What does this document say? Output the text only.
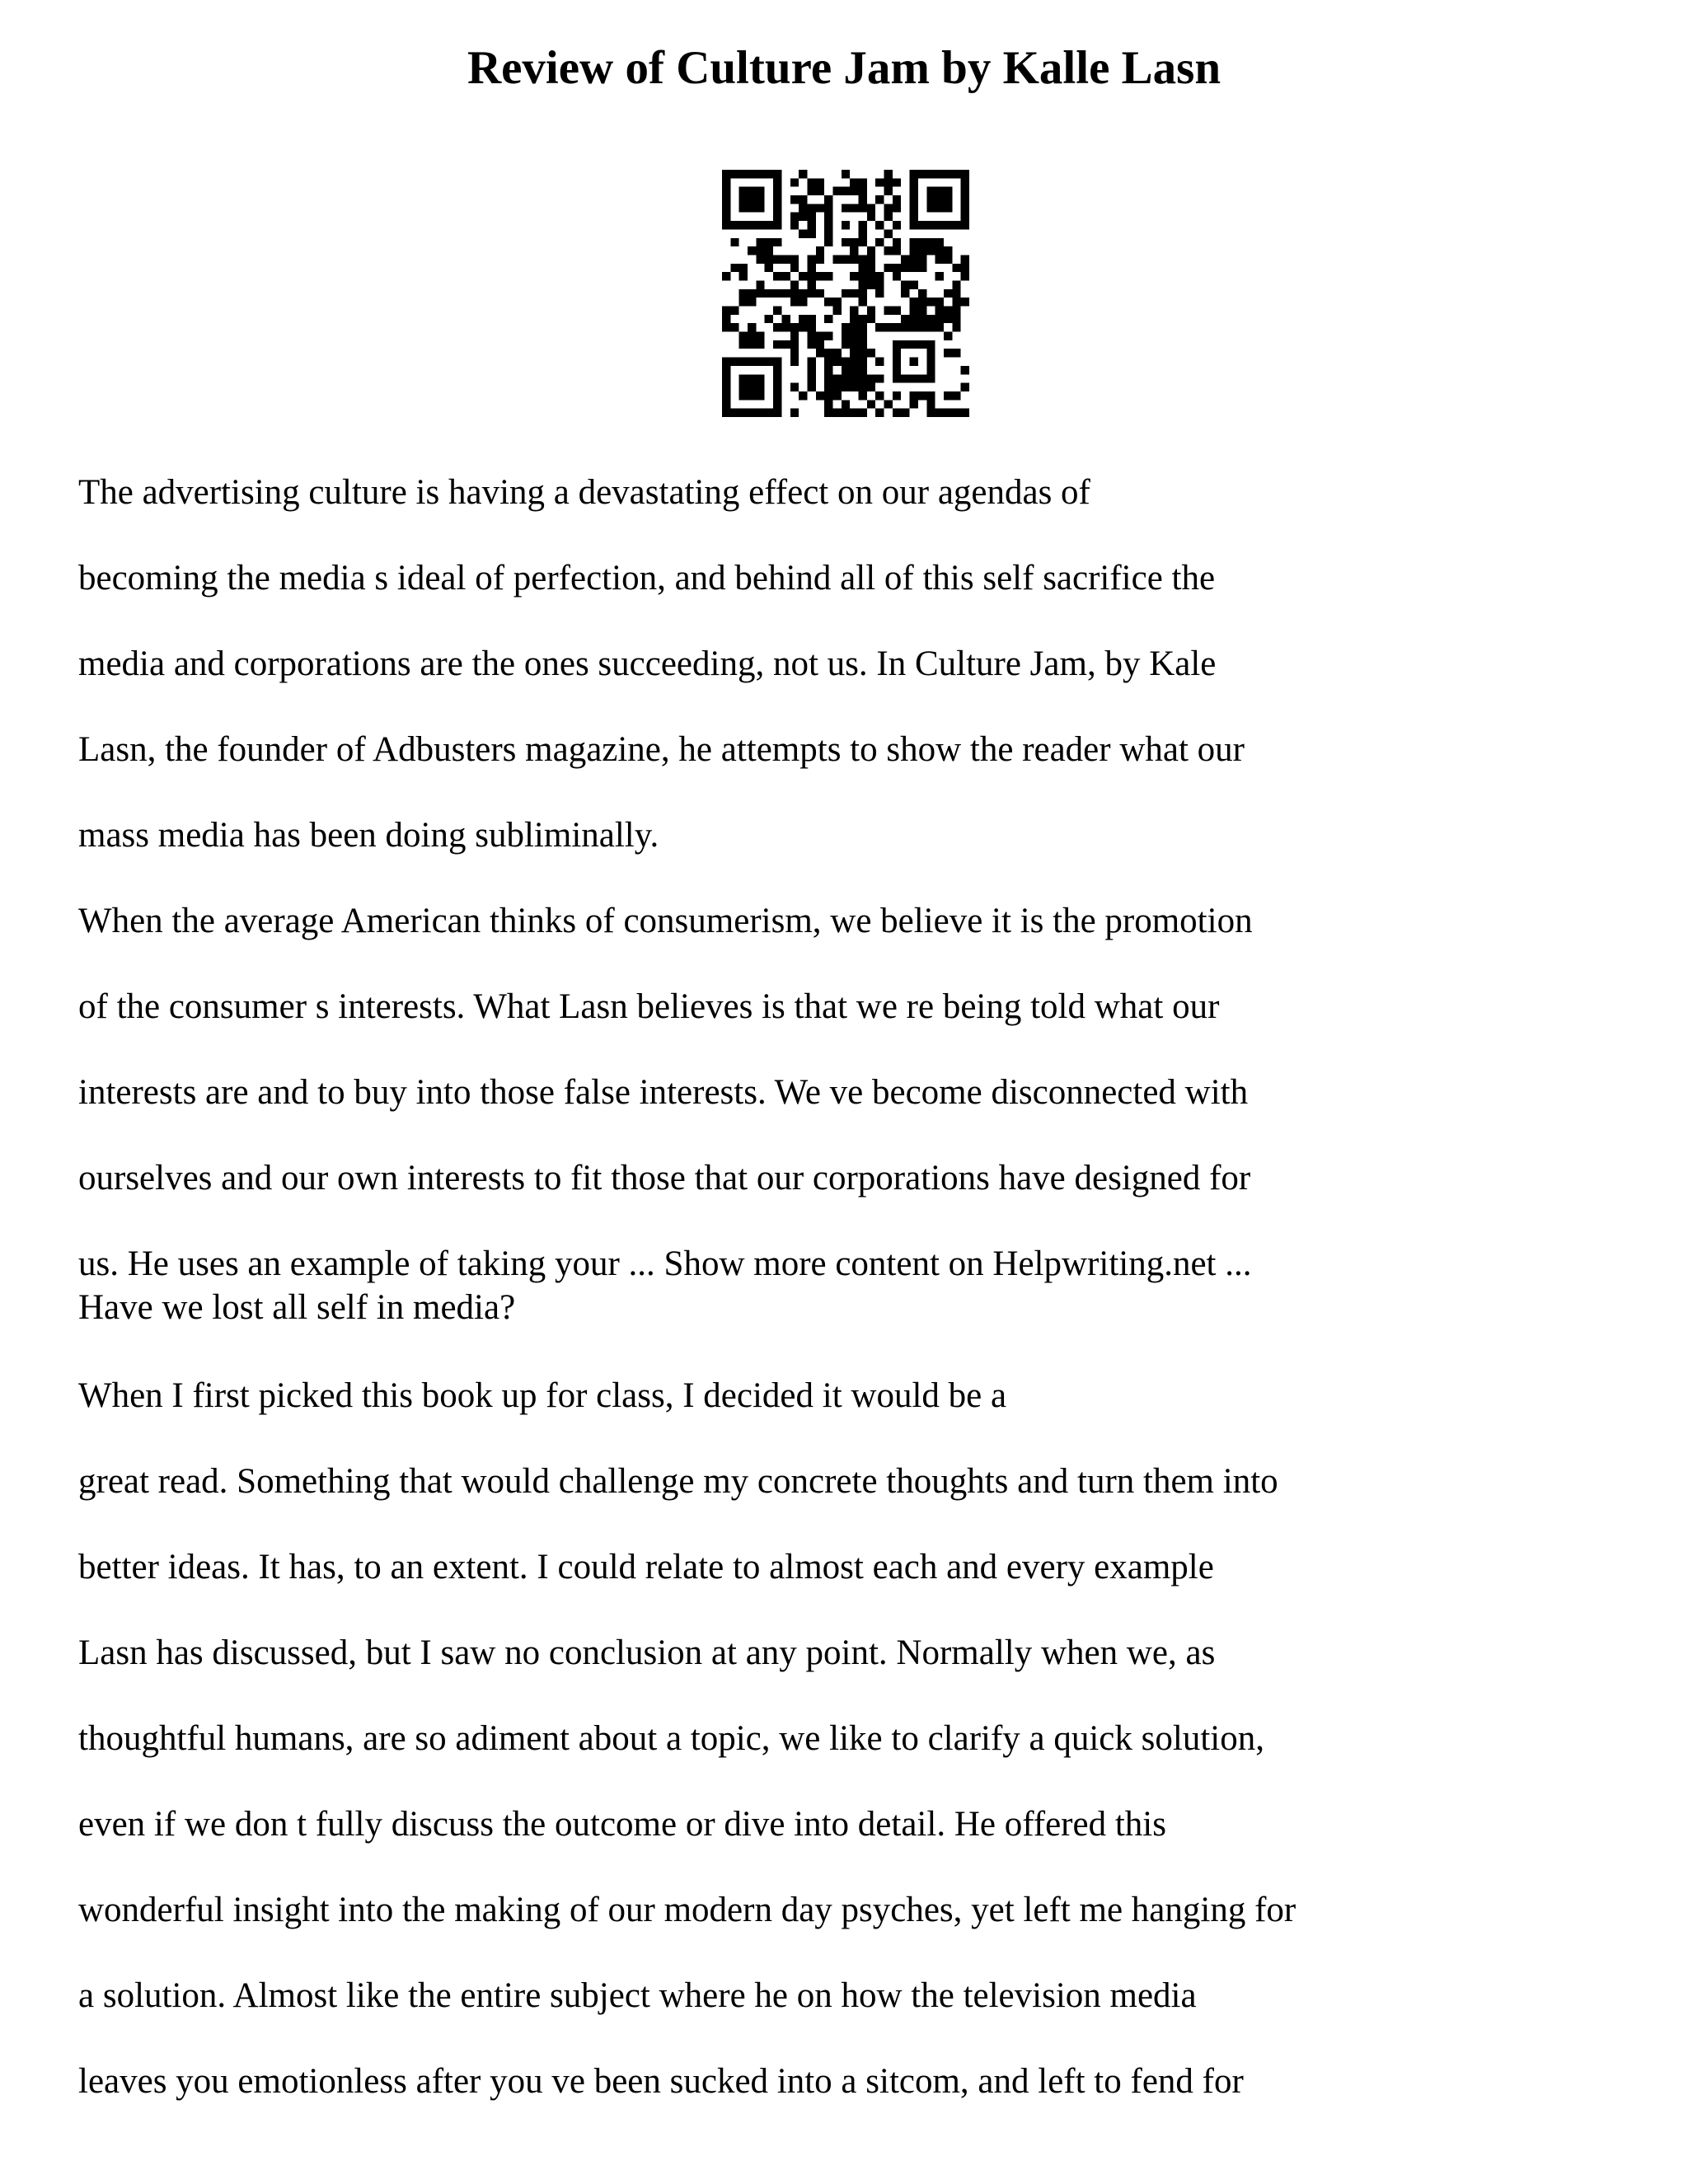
Review of Culture Jam by Kalle Lasn

The advertising culture is having a devastating effect on our agendas of

becoming the media s ideal of perfection, and behind all of this self sacrifice the

media and corporations are the ones succeeding, not us. In Culture Jam, by Kale

Lasn, the founder of Adbusters magazine, he attempts to show the reader what our

mass media has been doing subliminally.

When the average American thinks of consumerism, we believe it is the promotion

of the consumer s interests. What Lasn believes is that we re being told what our

interests are and to buy into those false interests. We ve become disconnected with

ourselves and our own interests to fit those that our corporations have designed for

us. He uses an example of taking your ... Show more content on Helpwriting.net ...

Have we lost all self in media?

When I first picked this book up for class, I decided it would be a

great read. Something that would challenge my concrete thoughts and turn them into

better ideas. It has, to an extent. I could relate to almost each and every example

Lasn has discussed, but I saw no conclusion at any point. Normally when we, as

thoughtful humans, are so adiment about a topic, we like to clarify a quick solution,

even if we don t fully discuss the outcome or dive into detail. He offered this

wonderful insight into the making of our modern day psyches, yet left me hanging for

a solution. Almost like the entire subject where he on how the television media

leaves you emotionless after you ve been sucked into a sitcom, and left to fend for
